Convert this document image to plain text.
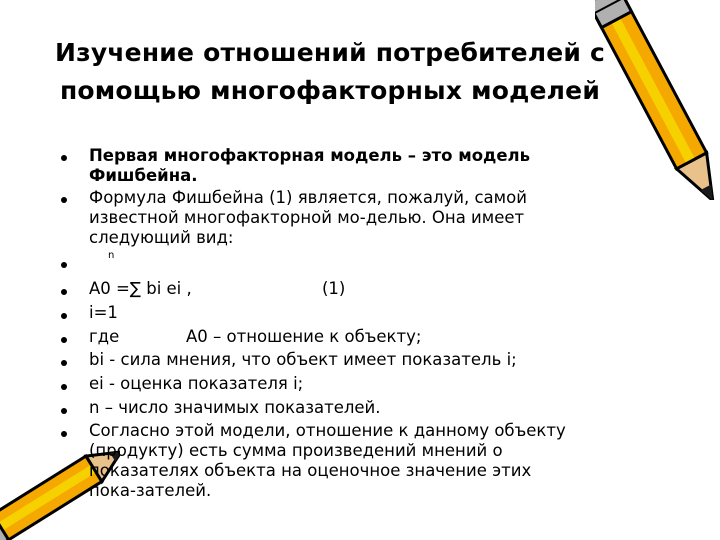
Изучение отношений потребителей с
помощью многофакторных моделей
Первая многофакторная модель – это модель
Фишбейна.
Формула Фишбейна (1) является, пожалуй, самой
известной многофакторной мо-делью. Она имеет
следующий вид:
n
А0 =∑ bi ei ,	(1)
i=1
где	А0 – отношение к объекту;
bi - сила мнения, что объект имеет показатель i;
ei - оценка показателя i;
n – число значимых показателей.
Согласно этой модели, отношение к данному объекту
(продукту) есть сумма произведений мнений о
показателях объекта на оценочное значение этих
пока-зателей.
